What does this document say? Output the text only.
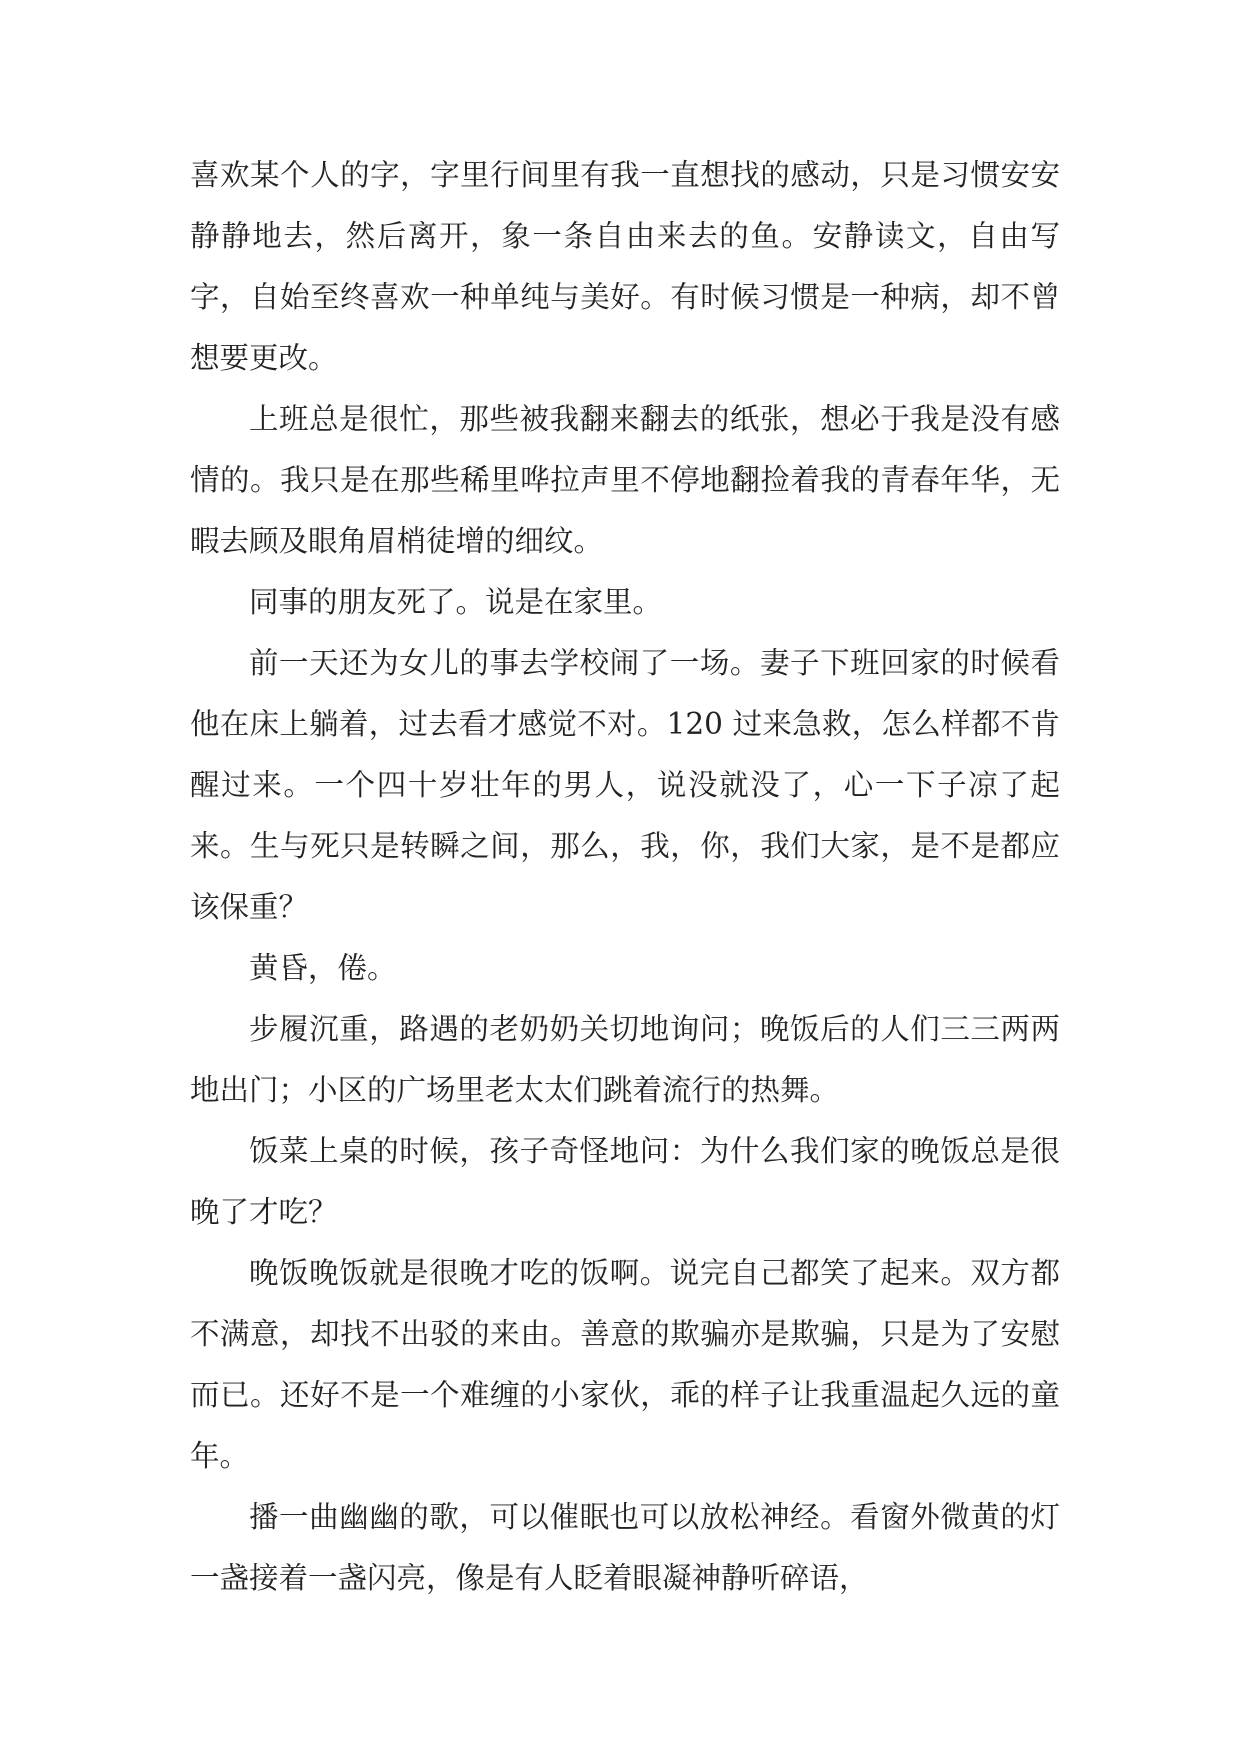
喜欢某个人的字，字里行间里有我一直想找的感动，只是习惯安安静静地去，然后离开，象一条自由来去的鱼。安静读文，自由写字，自始至终喜欢一种单纯与美好。有时候习惯是一种病，却不曾想要更改。

上班总是很忙，那些被我翻来翻去的纸张，想必于我是没有感情的。我只是在那些稀里哗拉声里不停地翻捡着我的青春年华，无暇去顾及眼角眉梢徒增的细纹。

同事的朋友死了。说是在家里。

前一天还为女儿的事去学校闹了一场。妻子下班回家的时候看他在床上躺着，过去看才感觉不对。120 过来急救，怎么样都不肯醒过来。一个四十岁壮年的男人，说没就没了，心一下子凉了起来。生与死只是转瞬之间，那么，我，你，我们大家，是不是都应该保重？

黄昏，倦。

步履沉重，路遇的老奶奶关切地询问；晚饭后的人们三三两两地出门；小区的广场里老太太们跳着流行的热舞。

饭菜上桌的时候，孩子奇怪地问：为什么我们家的晚饭总是很晚了才吃？

晚饭晚饭就是很晚才吃的饭啊。说完自己都笑了起来。双方都不满意，却找不出驳的来由。善意的欺骗亦是欺骗，只是为了安慰而已。还好不是一个难缠的小家伙，乖的样子让我重温起久远的童年。

播一曲幽幽的歌，可以催眠也可以放松神经。看窗外微黄的灯一盏接着一盏闪亮，像是有人眨着眼凝神静听碎语，
